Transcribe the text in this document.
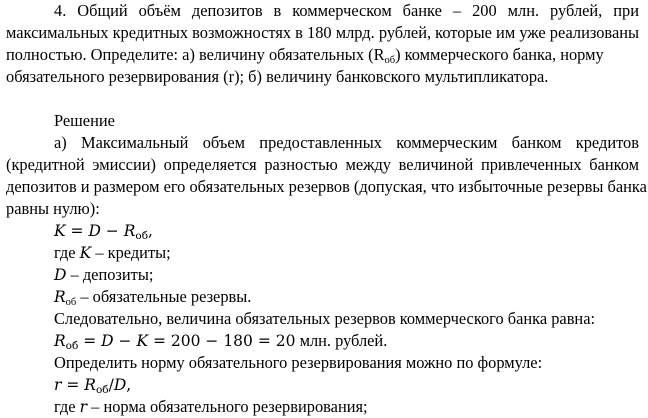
4. Общий объём депозитов в коммерческом банке – 200 млн. рублей, при
максимальных кредитных возможностях в 180 млрд. рублей, которые им уже реализованы
полностью. Определите: а) величину обязательных $(R_{об})$ коммерческого банка, норму
обязательного резервирования (r); б) величину банковского мультипликатора.
Решение
а) Максимальный объем предоставленных коммерческим банком кредитов
(кредитной эмиссии) определяется разностью между величиной привлеченных банком
депозитов и размером его обязательных резервов (допуская, что избыточные резервы банка
равны нулю):
$K = D - R_{об}$,
где K – кредиты;
D – депозиты;
$R_{об}$ – обязательные резервы.
Следовательно, величина обязательных резервов коммерческого банка равна:
$R_{об} = D - K = 200 - 180 = 20$ млн. рублей.
Определить норму обязательного резервирования можно по формуле:
$r = R_{об}/D$,
где r – норма обязательного резервирования;
